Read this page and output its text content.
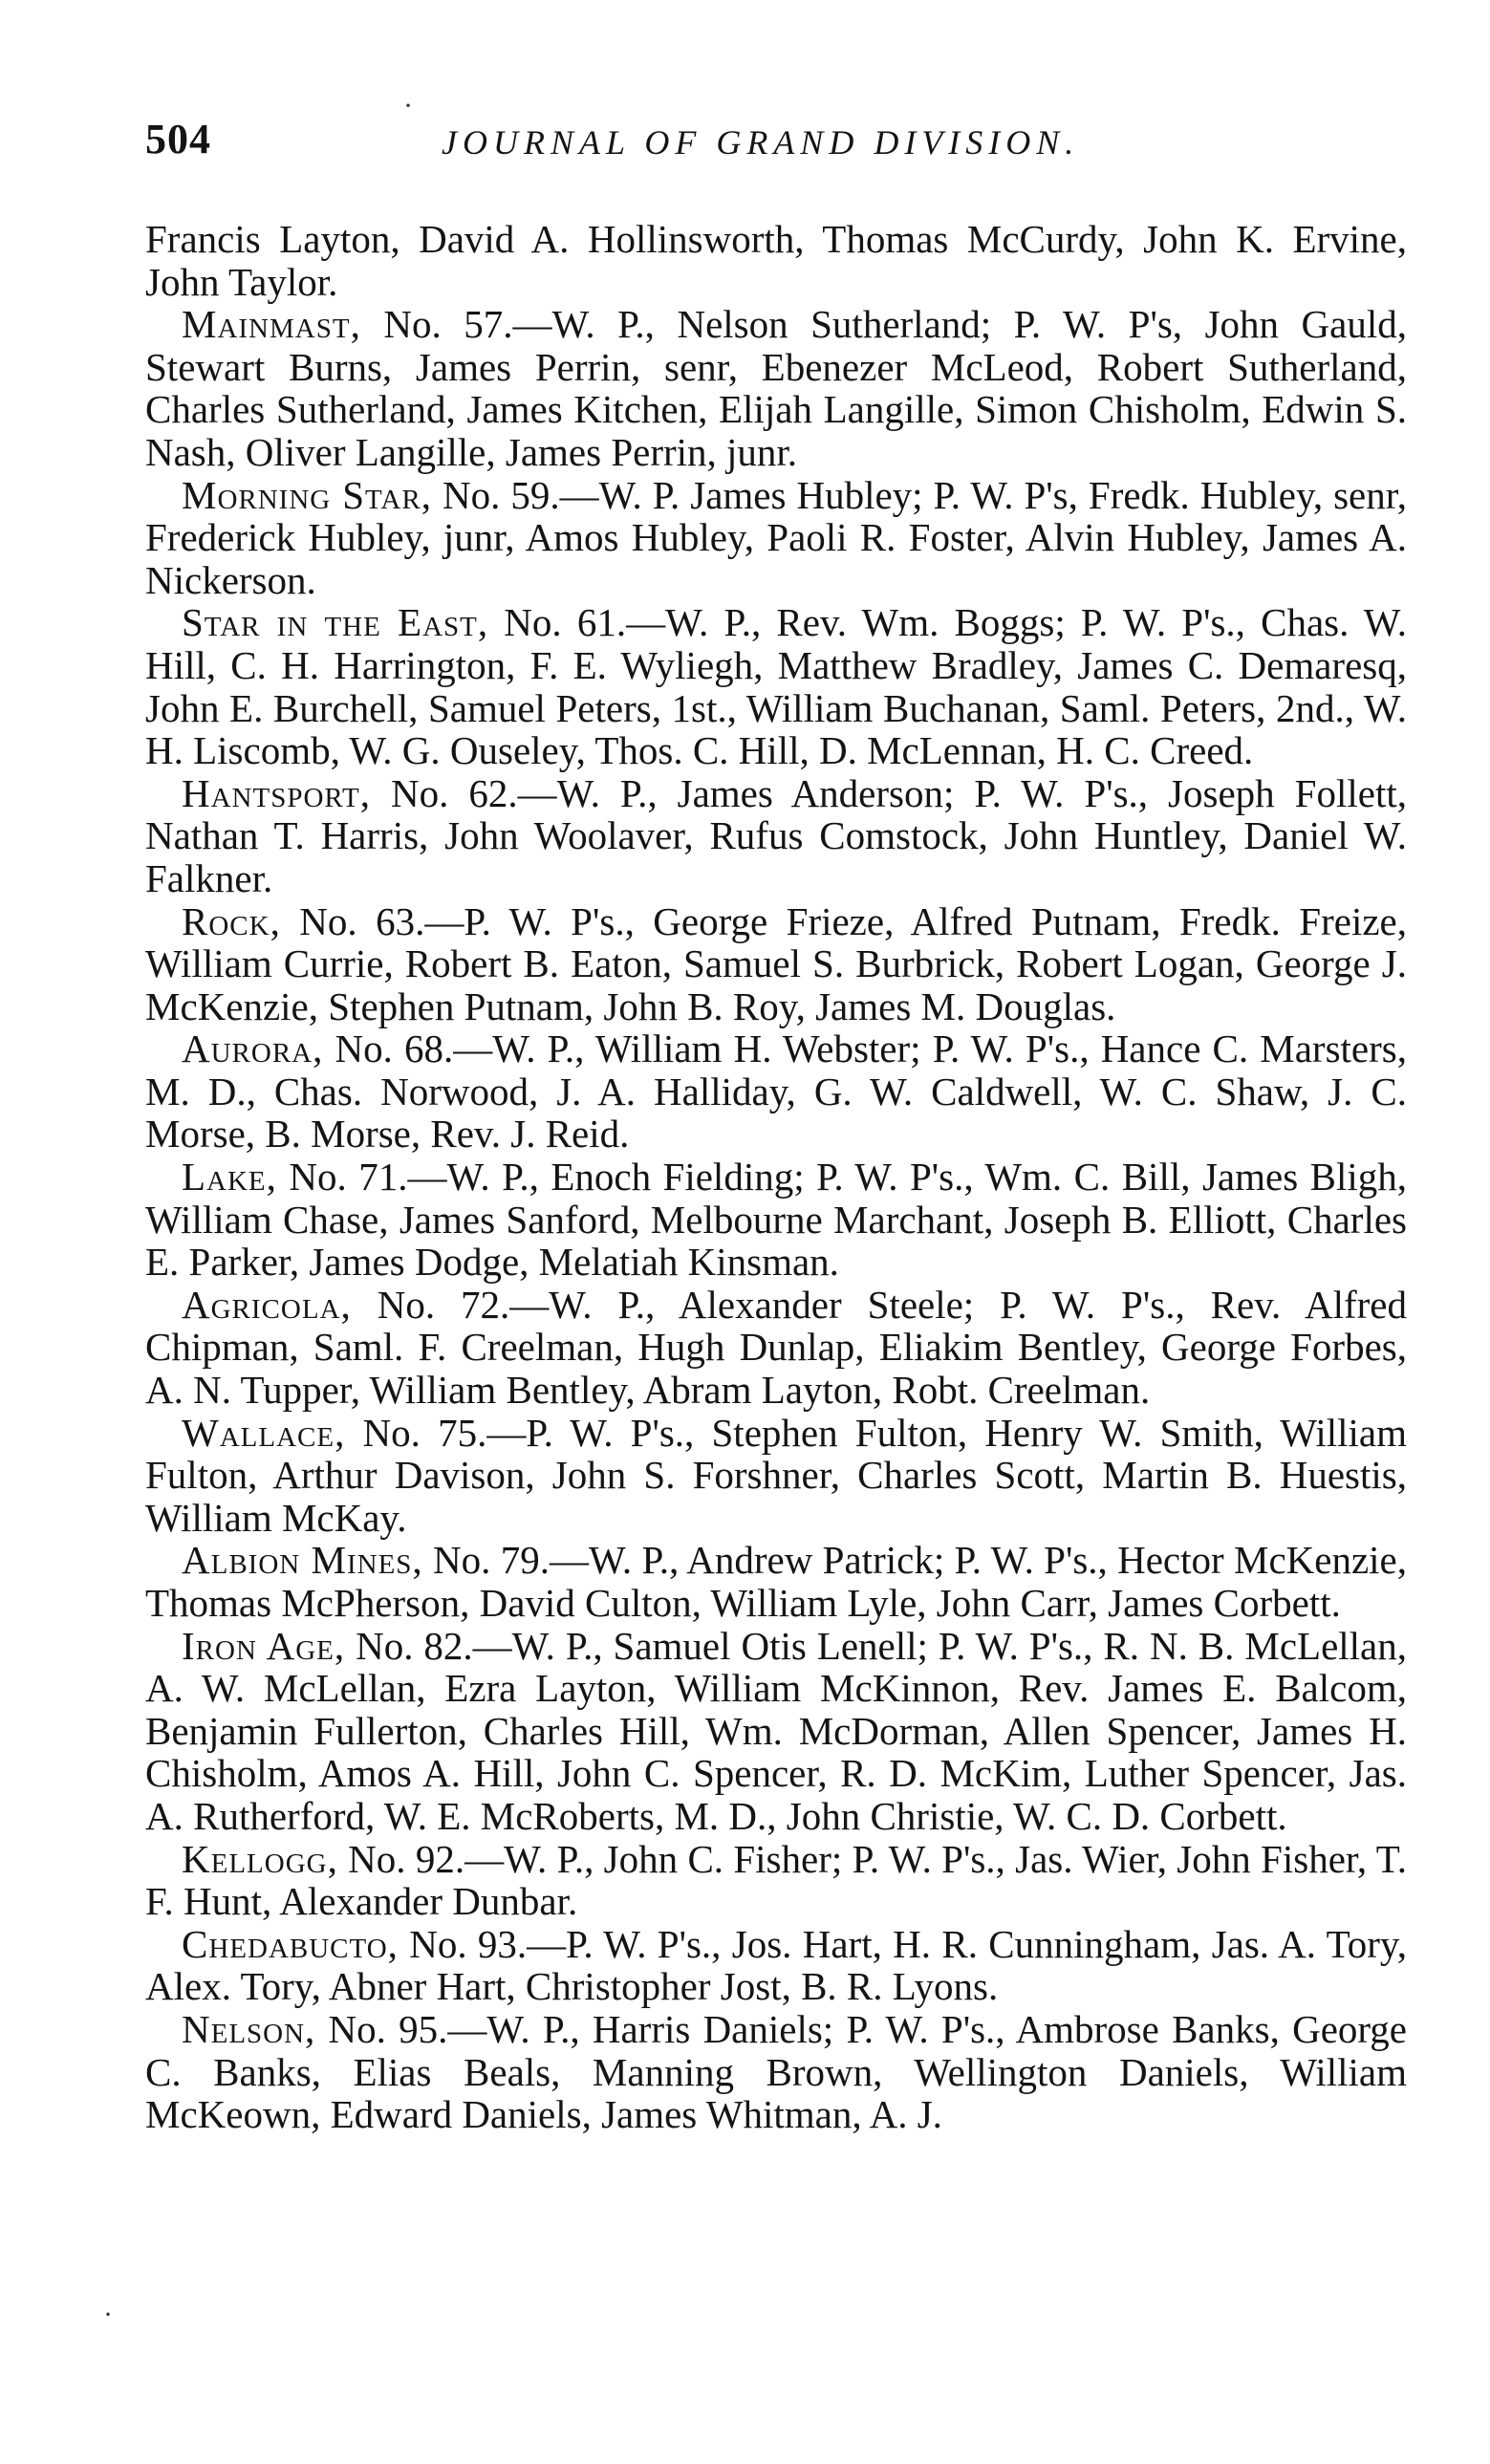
504	JOURNAL OF GRAND DIVISION.

Francis Layton, David A. Hollinsworth, Thomas McCurdy, John K. Ervine, John Taylor.

Mainmast, No. 57.—W. P., Nelson Sutherland; P. W. P's, John Gauld, Stewart Burns, James Perrin, senr, Ebenezer McLeod, Robert Sutherland, Charles Sutherland, James Kitchen, Elijah Langille, Simon Chisholm, Edwin S. Nash, Oliver Langille, James Perrin, junr.

Morning Star, No. 59.—W. P. James Hubley; P. W. P's, Fredk. Hubley, senr, Frederick Hubley, junr, Amos Hubley, Paoli R. Foster, Alvin Hubley, James A. Nickerson.

Star in the East, No. 61.—W. P., Rev. Wm. Boggs; P. W. P's., Chas. W. Hill, C. H. Harrington, F. E. Wyliegh, Matthew Bradley, James C. Demaresq, John E. Burchell, Samuel Peters, 1st., William Buchanan, Saml. Peters, 2nd., W. H. Liscomb, W. G. Ouseley, Thos. C. Hill, D. McLennan, H. C. Creed.

Hantsport, No. 62.—W. P., James Anderson; P. W. P's., Joseph Follett, Nathan T. Harris, John Woolaver, Rufus Comstock, John Huntley, Daniel W. Falkner.

Rock, No. 63.—P. W. P's., George Frieze, Alfred Putnam, Fredk. Freize, William Currie, Robert B. Eaton, Samuel S. Burbrick, Robert Logan, George J. McKenzie, Stephen Putnam, John B. Roy, James M. Douglas.

Aurora, No. 68.—W. P., William H. Webster; P. W. P's., Hance C. Marsters, M. D., Chas. Norwood, J. A. Halliday, G. W. Caldwell, W. C. Shaw, J. C. Morse, B. Morse, Rev. J. Reid.

Lake, No. 71.—W. P., Enoch Fielding; P. W. P's., Wm. C. Bill, James Bligh, William Chase, James Sanford, Melbourne Marchant, Joseph B. Elliott, Charles E. Parker, James Dodge, Melatiah Kinsman.

Agricola, No. 72.—W. P., Alexander Steele; P. W. P's., Rev. Alfred Chipman, Saml. F. Creelman, Hugh Dunlap, Eliakim Bentley, George Forbes, A. N. Tupper, William Bentley, Abram Layton, Robt. Creelman.

Wallace, No. 75.—P. W. P's., Stephen Fulton, Henry W. Smith, William Fulton, Arthur Davison, John S. Forshner, Charles Scott, Martin B. Huestis, William McKay.

Albion Mines, No. 79.—W. P., Andrew Patrick; P. W. P's., Hector McKenzie, Thomas McPherson, David Culton, William Lyle, John Carr, James Corbett.

Iron Age, No. 82.—W. P., Samuel Otis Lenell; P. W. P's., R. N. B. McLellan, A. W. McLellan, Ezra Layton, William McKinnon, Rev. James E. Balcom, Benjamin Fullerton, Charles Hill, Wm. McDorman, Allen Spencer, James H. Chisholm, Amos A. Hill, John C. Spencer, R. D. McKim, Luther Spencer, Jas. A. Rutherford, W. E. McRoberts, M. D., John Christie, W. C. D. Corbett.

Kellogg, No. 92.—W. P., John C. Fisher; P. W. P's., Jas. Wier, John Fisher, T. F. Hunt, Alexander Dunbar.

Chedabucto, No. 93.—P. W. P's., Jos. Hart, H. R. Cunningham, Jas. A. Tory, Alex. Tory, Abner Hart, Christopher Jost, B. R. Lyons.

Nelson, No. 95.—W. P., Harris Daniels; P. W. P's., Ambrose Banks, George C. Banks, Elias Beals, Manning Brown, Wellington Daniels, William McKeown, Edward Daniels, James Whitman, A. J.

·
·
